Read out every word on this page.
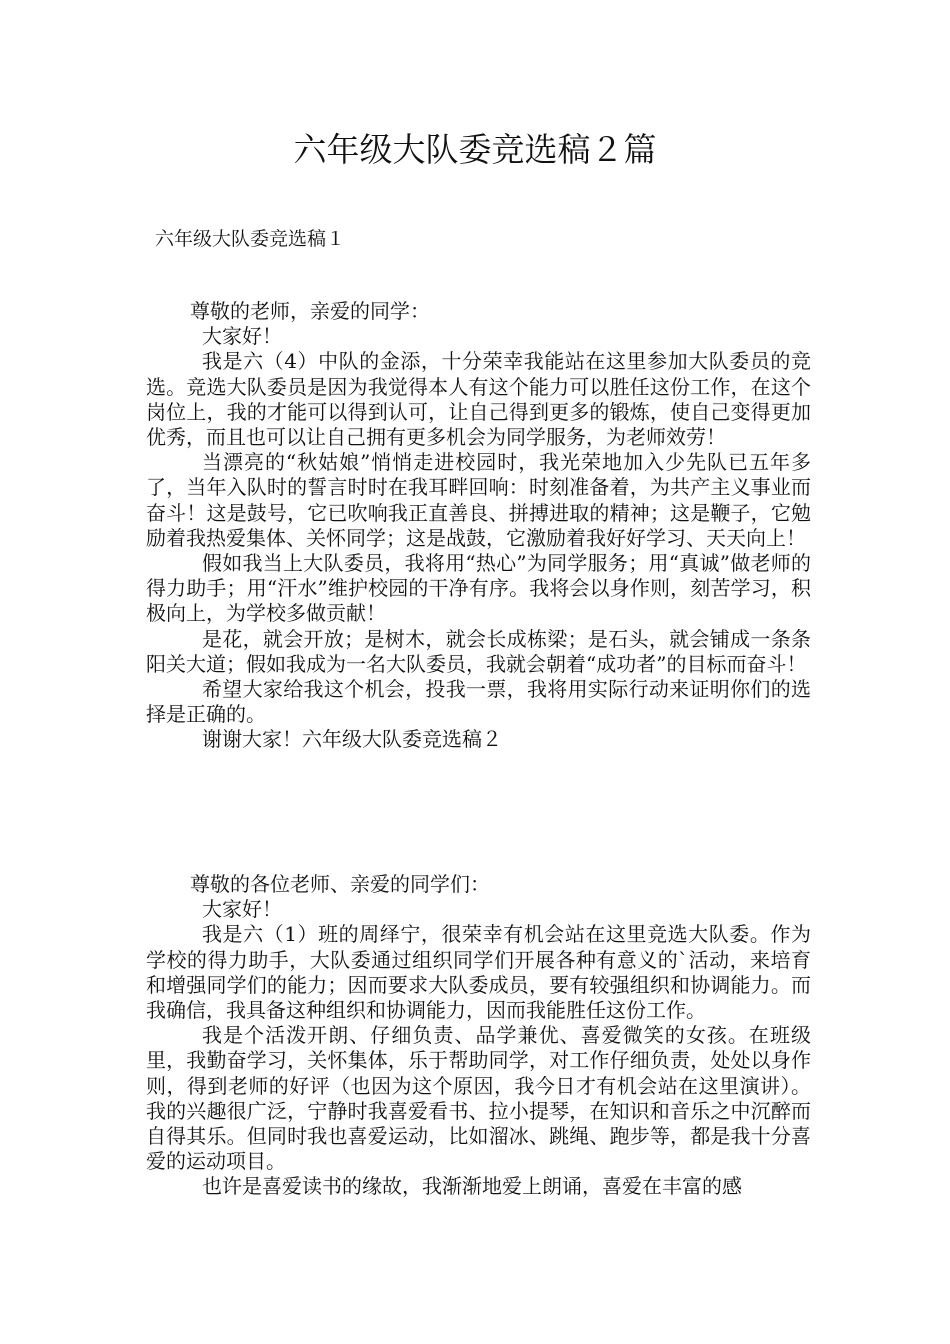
六年级大队委竞选稿２篇
六年级大队委竞选稿１

尊敬的老师，亲爱的同学：

大家好！

我是六（4）中队的金添，十分荣幸我能站在这里参加大队委员的竞选。竞选大队委员是因为我觉得本人有这个能力可以胜任这份工作，在这个岗位上，我的才能可以得到认可，让自己得到更多的锻炼，使自己变得更加优秀，而且也可以让自己拥有更多机会为同学服务，为老师效劳！

当漂亮的“秋姑娘”悄悄走进校园时，我光荣地加入少先队已五年多了，当年入队时的誓言时时在我耳畔回响：时刻准备着，为共产主义事业而奋斗！这是鼓号，它已吹响我正直善良、拼搏进取的精神；这是鞭子，它勉励着我热爱集体、关怀同学；这是战鼓，它激励着我好好学习、天天向上！

假如我当上大队委员，我将用“热心”为同学服务；用“真诚”做老师的得力助手；用“汗水”维护校园的干净有序。我将会以身作则，刻苦学习，积极向上，为学校多做贡献！

是花，就会开放；是树木，就会长成栋梁；是石头，就会铺成一条条阳关大道；假如我成为一名大队委员，我就会朝着“成功者”的目标而奋斗！

希望大家给我这个机会，投我一票，我将用实际行动来证明你们的选择是正确的。

谢谢大家！六年级大队委竞选稿２

尊敬的各位老师、亲爱的同学们：

大家好！

我是六（1）班的周绎宁，很荣幸有机会站在这里竞选大队委。作为学校的得力助手，大队委通过组织同学们开展各种有意义的`活动，来培育和增强同学们的能力；因而要求大队委成员，要有较强组织和协调能力。而我确信，我具备这种组织和协调能力，因而我能胜任这份工作。

我是个活泼开朗、仔细负责、品学兼优、喜爱微笑的女孩。在班级里，我勤奋学习，关怀集体，乐于帮助同学，对工作仔细负责，处处以身作则，得到老师的好评（也因为这个原因，我今日才有机会站在这里演讲）。我的兴趣很广泛，宁静时我喜爱看书、拉小提琴，在知识和音乐之中沉醉而自得其乐。但同时我也喜爱运动，比如溜冰、跳绳、跑步等，都是我十分喜爱的运动项目。

也许是喜爱读书的缘故，我渐渐地爱上朗诵，喜爱在丰富的感
